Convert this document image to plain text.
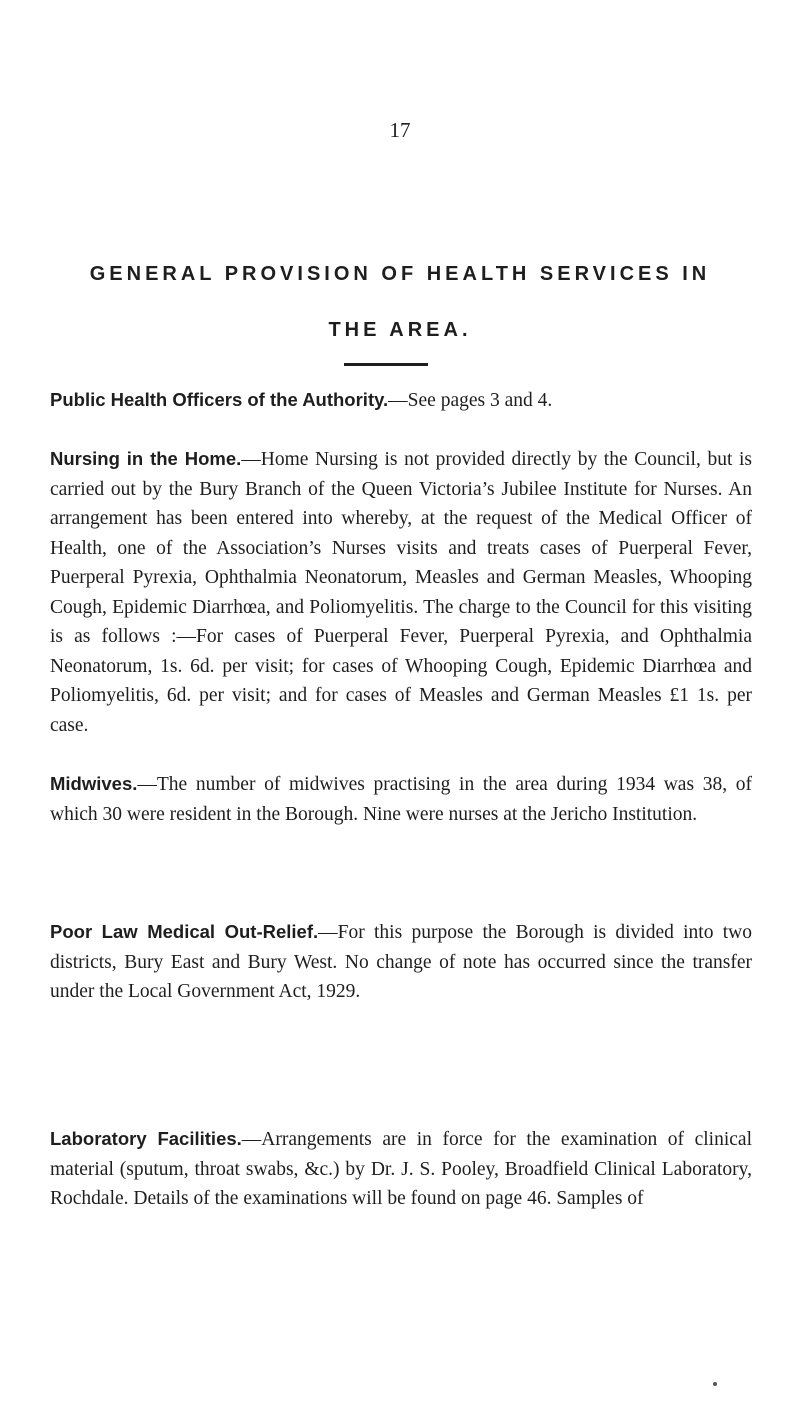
17
GENERAL PROVISION OF HEALTH SERVICES IN
THE AREA.

Public Health Officers of the Authority.—See pages 3 and 4.

Nursing in the Home.—Home Nursing is not provided directly by the Council, but is carried out by the Bury Branch of the Queen Victoria’s Jubilee Institute for Nurses. An arrangement has been entered into whereby, at the request of the Medical Officer of Health, one of the Association’s Nurses visits and treats cases of Puerperal Fever, Puerperal Pyrexia, Ophthalmia Neonatorum, Measles and German Measles, Whooping Cough, Epidemic Diarrhœa, and Poliomyelitis. The charge to the Council for this visiting is as follows :—For cases of Puerperal Fever, Puerperal Pyrexia, and Ophthalmia Neonatorum, 1s. 6d. per visit; for cases of Whooping Cough, Epidemic Diarrhœa and Poliomyelitis, 6d. per visit; and for cases of Measles and German Measles £1 1s. per case.

Midwives.—The number of midwives practising in the area during 1934 was 38, of which 30 were resident in the Borough. Nine were nurses at the Jericho Institution.

Poor Law Medical Out-Relief.—For this purpose the Borough is divided into two districts, Bury East and Bury West. No change of note has occurred since the transfer under the Local Government Act, 1929.

Laboratory Facilities.—Arrangements are in force for the examination of clinical material (sputum, throat swabs, &c.) by Dr. J. S. Pooley, Broadfield Clinical Laboratory, Rochdale. Details of the examinations will be found on page 46. Samples of
